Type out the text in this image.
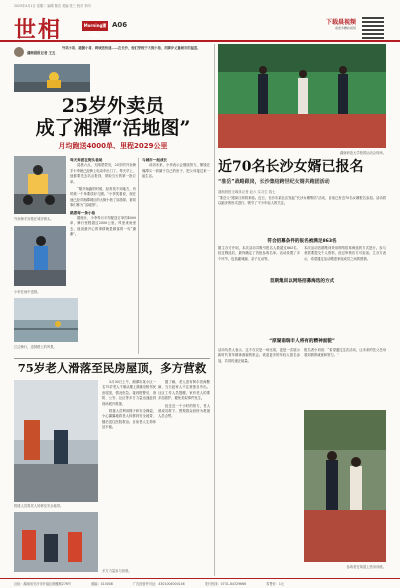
2025年4月1日 星期二 编辑 陈亮 美编 张三 校对 李四
世相	Morning潇湘晨报
A06	下载晨视频
看更多精彩视频
潇湘晨报记者 王五
外卖小哥、跑腿小哥、跨城送快递……在长沙，他们穿梭于大街小巷，用脚步丈量城市的温度。
25岁外卖员
成了湘潭“活地图”
月均跑送4000单、里程2029公里
外卖骑手穿梭在城市街头。
小李在雨中送餐。
江边骑行，送餐路上的风景。
每天奔波在街头巷尾

清晨六点，天刚蒙蒙亮，25岁的外卖骑手小李就已经骑上电动车出门了。每天早上，他都要先去站点报到，领取当天的第一批订单。

“刚开始跑的时候，经常找不到地方，有时候一个单要绕好几圈。”小李笑着说，现在他已经对湘潭城区的大街小巷了如指掌，被同事们称为“活地图”。

熟悉每一条小巷

据统计，小李每月平均配送订单约4000单，骑行里程超过2000公里。风里来雨里去，他说最开心的事情就是顾客的一句“谢谢”。

与城市一起成长

谈到未来，小李表示会继续努力，攒钱在湘潭买一套属于自己的房子，把父母接过来一起生活。

75岁老人滑落至民房屋顶，多方营救
救援人员将老人转移至安全地带。
多方力量参与营救。

3月30日上午，湘潭市某小区一名75岁老人不慎从楼上滑落至相邻民房屋顶，情况危急。接到报警后，消防、公安、社区等多方力量迅速赶到现场展开救援。

救援人员利用梯子和安全绳索，小心翼翼地将老人转移到安全地带，随后送往医院救治。目前老人生命体征平稳。

据了解，老人患有阿尔茨海默病，当天趁家人不注意独自外出。社区工作人员提醒，家有老人的要多加看护，避免类似事件发生。

经过近一个小时的努力，老人被成功救下。围观群众纷纷为救援人员点赞。

湖南师范大学校园运动会现场。
近70名长沙女婿已报名
“准岳”战略跟岗，长沙集结跨世纪女婿共跑团活动
潇湘晨报全媒体记者 赵六 实习生 钱七
“准岳父”跟岗日即将来临。近日，长沙市某社区发起“长沙女婿集结”活动，目前已有近70名女婿报名参加。活动将以跑步的形式进行，吸引了不少年轻人的关注。
符合招募条件的报名被满足863名
据主办方介绍，本次活动共吸引报名人数超过863名，经过筛选后，最终确定了首批参赛名单。活动设置了多个环节，包括趣味跑、亲子互动等。
本次活动首期集训采用网络招募海选的方式进行。参与者需要提交个人资料，经过审核后方可参加。主办方表示，希望通过活动增进家庭成员之间的感情。
首期集训以网络招募海选的方式
“原湖南瑞丰人将有的精神面貌”
活动负责人表示，这不仅仅是一场比赛，更是一次展示新时代青年精神面貌的机会。欢迎更多的年轻人报名参加，共同传递正能量。
报名者小刘说：“希望通过这次活动，让未来的岳父岳母看到我的诚意和努力。”
参赛者在赛道上热身训练。
社址：湖南省长沙市开福区湘雅路276号	邮编：410008	广告经营许可证：4301004000146	发行热线：0731-84329666	零售价：1元
